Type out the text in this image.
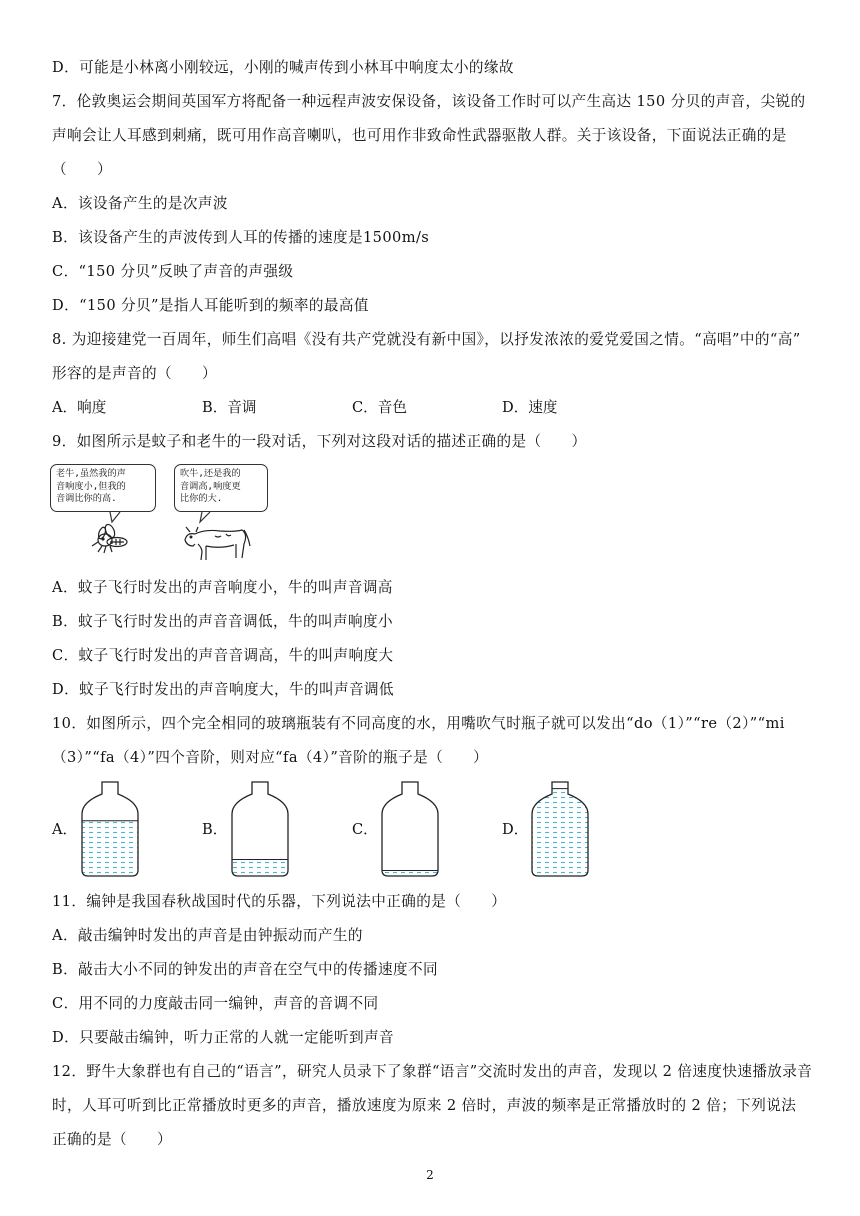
D．可能是小林离小刚较远，小刚的喊声传到小林耳中响度太小的缘故
7．伦敦奥运会期间英国军方将配备一种远程声波安保设备，该设备工作时可以产生高达 150 分贝的声音，尖锐的
声响会让人耳感到刺痛，既可用作高音喇叭，也可用作非致命性武器驱散人群。关于该设备，下面说法正确的是
（　　）
A．该设备产生的是次声波
B．该设备产生的声波传到人耳的传播的速度是1500m/s
C．“150 分贝”反映了声音的声强级
D．“150 分贝”是指人耳能听到的频率的最高值
8. 为迎接建党一百周年，师生们高唱《没有共产党就没有新中国》，以抒发浓浓的爱党爱国之情。“高唱”中的“高”
形容的是声音的（　　）
A．响度	B．音调	C．音色	D．速度
9．如图所示是蚊子和老牛的一段对话，下列对这段对话的描述正确的是（　　）
老牛,虽然我的声
音响度小,但我的
音调比你的高.
吹牛,还是我的
音调高,响度更
比你的大.
A．蚊子飞行时发出的声音响度小，牛的叫声音调高
B．蚊子飞行时发出的声音音调低，牛的叫声响度小
C．蚊子飞行时发出的声音音调高，牛的叫声响度大
D．蚊子飞行时发出的声音响度大，牛的叫声音调低
10．如图所示，四个完全相同的玻璃瓶装有不同高度的水，用嘴吹气时瓶子就可以发出“do（1）”“re（2）”“mi
（3）”“fa（4）”四个音阶，则对应“fa（4）”音阶的瓶子是（　　）
A．	B．	C．	D．
11．编钟是我国春秋战国时代的乐器，下列说法中正确的是（　　）
A．敲击编钟时发出的声音是由钟振动而产生的
B．敲击大小不同的钟发出的声音在空气中的传播速度不同
C．用不同的力度敲击同一编钟，声音的音调不同
D．只要敲击编钟，听力正常的人就一定能听到声音
12．野牛大象群也有自己的“语言”，研究人员录下了象群“语言”交流时发出的声音，发现以 2 倍速度快速播放录音
时，人耳可听到比正常播放时更多的声音，播放速度为原来 2 倍时，声波的频率是正常播放时的 2 倍；下列说法
正确的是（　　）
2
